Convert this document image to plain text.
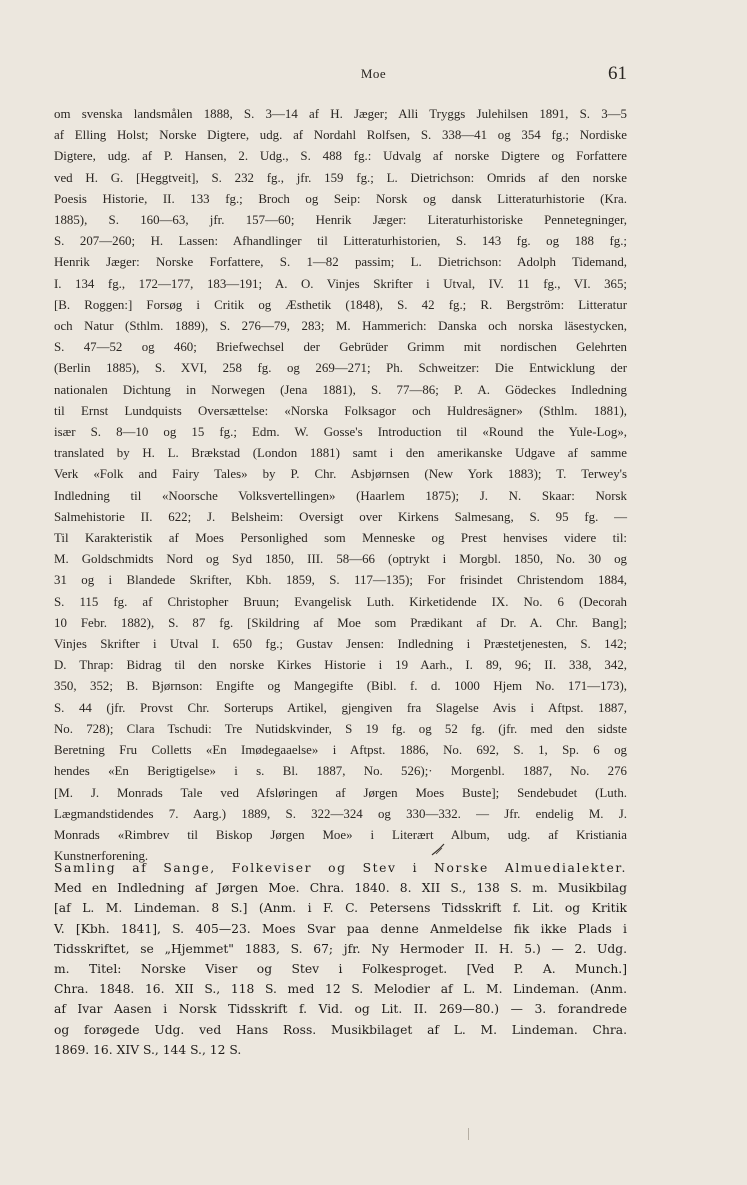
Moe	61
om svenska landsmålen 1888, S. 3—14 af H. Jæger; Alli Tryggs Julehilsen 1891, S. 3—5
af Elling Holst; Norske Digtere, udg. af Nordahl Rolfsen, S. 338—41 og 354 fg.; Nordiske
Digtere, udg. af P. Hansen, 2. Udg., S. 488 fg.: Udvalg af norske Digtere og Forfattere
ved H. G. [Heggtveit], S. 232 fg., jfr. 159 fg.; L. Dietrichson: Omrids af den norske
Poesis Historie, II. 133 fg.; Broch og Seip: Norsk og dansk Litteraturhistorie (Kra.
1885), S. 160—63, jfr. 157—60; Henrik Jæger: Literaturhistoriske Pennetegninger,
S. 207—260; H. Lassen: Afhandlinger til Litteraturhistorien, S. 143 fg. og 188 fg.;
Henrik Jæger: Norske Forfattere, S. 1—82 passim; L. Dietrichson: Adolph Tidemand,
I. 134 fg., 172—177, 183—191; A. O. Vinjes Skrifter i Utval, IV. 11 fg., VI. 365;
[B. Roggen:] Forsøg i Critik og Æsthetik (1848), S. 42 fg.; R. Bergström: Litteratur
och Natur (Sthlm. 1889), S. 276—79, 283; M. Hammerich: Danska och norska läsestycken,
S. 47—52 og 460; Briefwechsel der Gebrüder Grimm mit nordischen Gelehrten
(Berlin 1885), S. XVI, 258 fg. og 269—271; Ph. Schweitzer: Die Entwicklung der
nationalen Dichtung in Norwegen (Jena 1881), S. 77—86; P. A. Gödeckes Indledning
til Ernst Lundquists Oversættelse: «Norska Folksagor och Huldresägner» (Sthlm. 1881),
især S. 8—10 og 15 fg.; Edm. W. Gosse's Introduction til «Round the Yule-Log»,
translated by H. L. Brækstad (London 1881) samt i den amerikanske Udgave af samme
Verk «Folk and Fairy Tales» by P. Chr. Asbjørnsen (New York 1883); T. Terwey's
Indledning til «Noorsche Volksvertellingen» (Haarlem 1875); J. N. Skaar: Norsk
Salmehistorie II. 622; J. Belsheim: Oversigt over Kirkens Salmesang, S. 95 fg. —
Til Karakteristik af Moes Personlighed som Menneske og Prest henvises videre til:
M. Goldschmidts Nord og Syd 1850, III. 58—66 (optrykt i Morgbl. 1850, No. 30 og
31 og i Blandede Skrifter, Kbh. 1859, S. 117—135); For frisindet Christendom 1884,
S. 115 fg. af Christopher Bruun; Evangelisk Luth. Kirketidende IX. No. 6 (Decorah
10 Febr. 1882), S. 87 fg. [Skildring af Moe som Prædikant af Dr. A. Chr. Bang];
Vinjes Skrifter i Utval I. 650 fg.; Gustav Jensen: Indledning i Præstetjenesten, S. 142;
D. Thrap: Bidrag til den norske Kirkes Historie i 19 Aarh., I. 89, 96; II. 338, 342,
350, 352; B. Bjørnson: Engifte og Mangegifte (Bibl. f. d. 1000 Hjem No. 171—173),
S. 44 (jfr. Provst Chr. Sorterups Artikel, gjengiven fra Slagelse Avis i Aftpst. 1887,
No. 728); Clara Tschudi: Tre Nutidskvinder, S 19 fg. og 52 fg. (jfr. med den sidste
Beretning Fru Colletts «En Imødegaaelse» i Aftpst. 1886, No. 692, S. 1, Sp. 6 og
hendes «En Berigtigelse» i s. Bl. 1887, No. 526);· Morgenbl. 1887, No. 276
[M. J. Monrads Tale ved Afsløringen af Jørgen Moes Buste]; Sendebudet (Luth.
Lægmandstidendes 7. Aarg.) 1889, S. 322—324 og 330—332. — Jfr. endelig M. J.
Monrads «Rimbrev til Biskop Jørgen Moe» i Literært Album, udg. af Kristiania
Kunstnerforening.
Samling af Sange, Folkeviser og Stev i Norske Almuedialekter.
Med en Indledning af Jørgen Moe. Chra. 1840. 8. XII S., 138 S. m. Musikbilag
[af L. M. Lindeman. 8 S.] (Anm. i F. C. Petersens Tidsskrift f. Lit. og Kritik
V. [Kbh. 1841], S. 405—23. Moes Svar paa denne Anmeldelse fik ikke Plads i
Tidsskriftet, se „Hjemmet" 1883, S. 67; jfr. Ny Hermoder II. H. 5.) — 2. Udg.
m. Titel: Norske Viser og Stev i Folkesproget. [Ved P. A. Munch.]
Chra. 1848. 16. XII S., 118 S. med 12 S. Melodier af L. M. Lindeman. (Anm.
af Ivar Aasen i Norsk Tidsskrift f. Vid. og Lit. II. 269—80.) — 3. forandrede
og forøgede Udg. ved Hans Ross. Musikbilaget af L. M. Lindeman. Chra.
1869. 16. XIV S., 144 S., 12 S.
